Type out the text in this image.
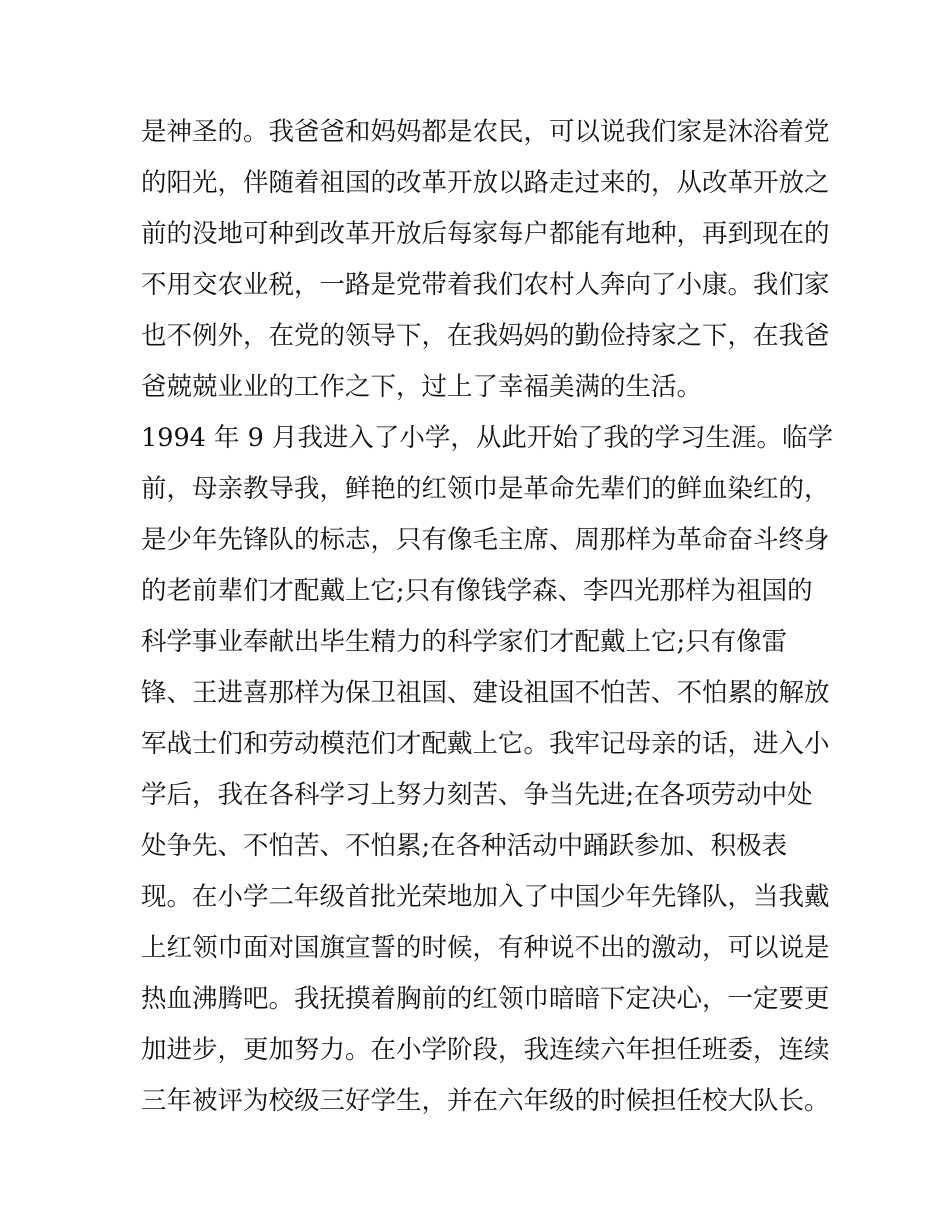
是神圣的。我爸爸和妈妈都是农民，可以说我们家是沐浴着党
的阳光，伴随着祖国的改革开放以路走过来的，从改革开放之
前的没地可种到改革开放后每家每户都能有地种，再到现在的
不用交农业税，一路是党带着我们农村人奔向了小康。我们家
也不例外，在党的领导下，在我妈妈的勤俭持家之下，在我爸
爸兢兢业业的工作之下，过上了幸福美满的生活。
1994 年 9 月我进入了小学，从此开始了我的学习生涯。临学
前，母亲教导我，鲜艳的红领巾是革命先辈们的鲜血染红的，
是少年先锋队的标志，只有像毛主席、周那样为革命奋斗终身
的老前辈们才配戴上它;只有像钱学森、李四光那样为祖国的
科学事业奉献出毕生精力的科学家们才配戴上它;只有像雷
锋、王进喜那样为保卫祖国、建设祖国不怕苦、不怕累的解放
军战士们和劳动模范们才配戴上它。我牢记母亲的话，进入小
学后，我在各科学习上努力刻苦、争当先进;在各项劳动中处
处争先、不怕苦、不怕累;在各种活动中踊跃参加、积极表
现。在小学二年级首批光荣地加入了中国少年先锋队，当我戴
上红领巾面对国旗宣誓的时候，有种说不出的激动，可以说是
热血沸腾吧。我抚摸着胸前的红领巾暗暗下定决心，一定要更
加进步，更加努力。在小学阶段，我连续六年担任班委，连续
三年被评为校级三好学生，并在六年级的时候担任校大队长。
